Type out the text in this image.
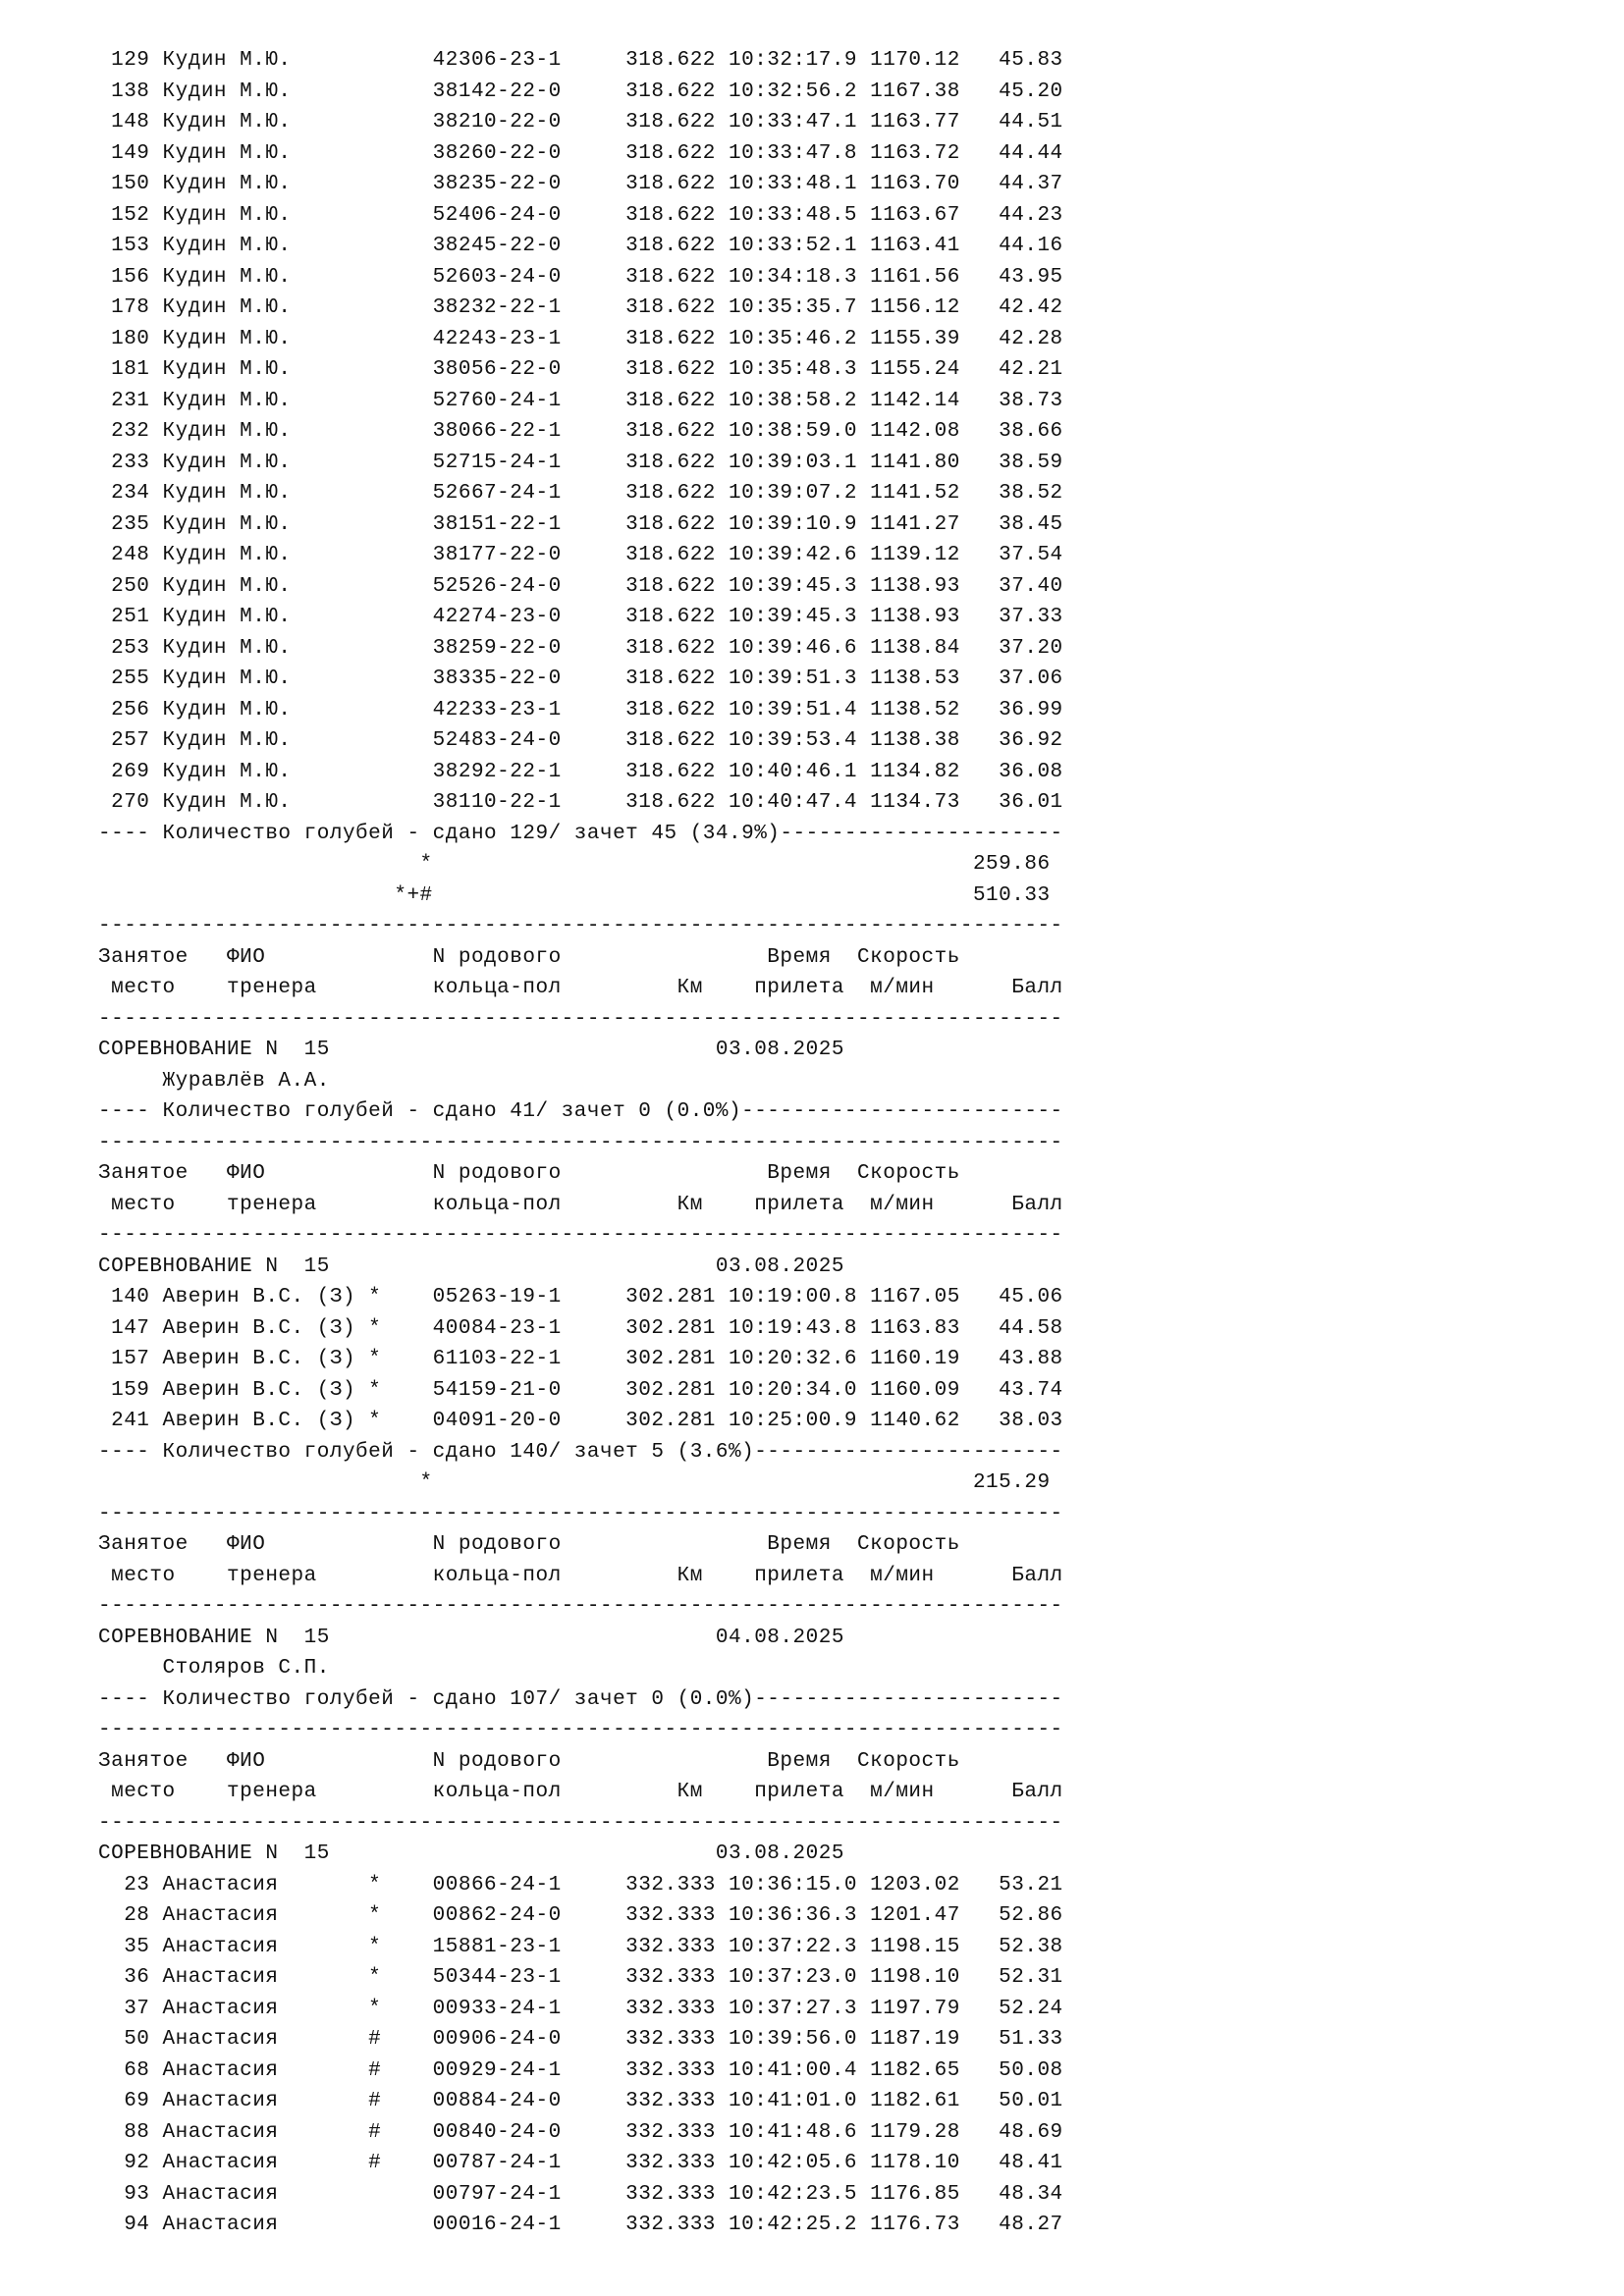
129 Кудин М.Ю.           42306-23-1     318.622 10:32:17.9 1170.12   45.83
138 Кудин М.Ю.           38142-22-0     318.622 10:32:56.2 1167.38   45.20
148 Кудин М.Ю.           38210-22-0     318.622 10:33:47.1 1163.77   44.51
149 Кудин М.Ю.           38260-22-0     318.622 10:33:47.8 1163.72   44.44
150 Кудин М.Ю.           38235-22-0     318.622 10:33:48.1 1163.70   44.37
152 Кудин М.Ю.           52406-24-0     318.622 10:33:48.5 1163.67   44.23
153 Кудин М.Ю.           38245-22-0     318.622 10:33:52.1 1163.41   44.16
156 Кудин М.Ю.           52603-24-0     318.622 10:34:18.3 1161.56   43.95
178 Кудин М.Ю.           38232-22-1     318.622 10:35:35.7 1156.12   42.42
180 Кудин М.Ю.           42243-23-1     318.622 10:35:46.2 1155.39   42.28
181 Кудин М.Ю.           38056-22-0     318.622 10:35:48.3 1155.24   42.21
231 Кудин М.Ю.           52760-24-1     318.622 10:38:58.2 1142.14   38.73
232 Кудин М.Ю.           38066-22-1     318.622 10:38:59.0 1142.08   38.66
233 Кудин М.Ю.           52715-24-1     318.622 10:39:03.1 1141.80   38.59
234 Кудин М.Ю.           52667-24-1     318.622 10:39:07.2 1141.52   38.52
235 Кудин М.Ю.           38151-22-1     318.622 10:39:10.9 1141.27   38.45
248 Кудин М.Ю.           38177-22-0     318.622 10:39:42.6 1139.12   37.54
250 Кудин М.Ю.           52526-24-0     318.622 10:39:45.3 1138.93   37.40
251 Кудин М.Ю.           42274-23-0     318.622 10:39:45.3 1138.93   37.33
253 Кудин М.Ю.           38259-22-0     318.622 10:39:46.6 1138.84   37.20
255 Кудин М.Ю.           38335-22-0     318.622 10:39:51.3 1138.53   37.06
256 Кудин М.Ю.           42233-23-1     318.622 10:39:51.4 1138.52   36.99
257 Кудин М.Ю.           52483-24-0     318.622 10:39:53.4 1138.38   36.92
269 Кудин М.Ю.           38292-22-1     318.622 10:40:46.1 1134.82   36.08
270 Кудин М.Ю.           38110-22-1     318.622 10:40:47.4 1134.73   36.01
---- Количество голубей - сдано 129/ зачет 45 (34.9%)----------------------
*                                          259.86
*+#                                          510.33
---------------------------------------------------------------------------
Занятое   ФИО             N родового                Время  Скорость
место    тренера         кольца-пол         Км    прилета  м/мин      Балл
---------------------------------------------------------------------------
СОРЕВНОВАНИЕ N  15                              03.08.2025
Журавлёв А.А.
---- Количество голубей - сдано 41/ зачет 0 (0.0%)-------------------------
---------------------------------------------------------------------------
Занятое   ФИО             N родового                Время  Скорость
место    тренера         кольца-пол         Км    прилета  м/мин      Балл
---------------------------------------------------------------------------
СОРЕВНОВАНИЕ N  15                              03.08.2025
140 Аверин В.С. (З) *    05263-19-1     302.281 10:19:00.8 1167.05   45.06
147 Аверин В.С. (З) *    40084-23-1     302.281 10:19:43.8 1163.83   44.58
157 Аверин В.С. (З) *    61103-22-1     302.281 10:20:32.6 1160.19   43.88
159 Аверин В.С. (З) *    54159-21-0     302.281 10:20:34.0 1160.09   43.74
241 Аверин В.С. (З) *    04091-20-0     302.281 10:25:00.9 1140.62   38.03
---- Количество голубей - сдано 140/ зачет 5 (3.6%)------------------------
*                                          215.29
---------------------------------------------------------------------------
Занятое   ФИО             N родового                Время  Скорость
место    тренера         кольца-пол         Км    прилета  м/мин      Балл
---------------------------------------------------------------------------
СОРЕВНОВАНИЕ N  15                              04.08.2025
Столяров С.П.
---- Количество голубей - сдано 107/ зачет 0 (0.0%)------------------------
---------------------------------------------------------------------------
Занятое   ФИО             N родового                Время  Скорость
место    тренера         кольца-пол         Км    прилета  м/мин      Балл
---------------------------------------------------------------------------
СОРЕВНОВАНИЕ N  15                              03.08.2025
23 Анастасия       *    00866-24-1     332.333 10:36:15.0 1203.02   53.21
28 Анастасия       *    00862-24-0     332.333 10:36:36.3 1201.47   52.86
35 Анастасия       *    15881-23-1     332.333 10:37:22.3 1198.15   52.38
36 Анастасия       *    50344-23-1     332.333 10:37:23.0 1198.10   52.31
37 Анастасия       *    00933-24-1     332.333 10:37:27.3 1197.79   52.24
50 Анастасия       #    00906-24-0     332.333 10:39:56.0 1187.19   51.33
68 Анастасия       #    00929-24-1     332.333 10:41:00.4 1182.65   50.08
69 Анастасия       #    00884-24-0     332.333 10:41:01.0 1182.61   50.01
88 Анастасия       #    00840-24-0     332.333 10:41:48.6 1179.28   48.69
92 Анастасия       #    00787-24-1     332.333 10:42:05.6 1178.10   48.41
93 Анастасия            00797-24-1     332.333 10:42:23.5 1176.85   48.34
94 Анастасия            00016-24-1     332.333 10:42:25.2 1176.73   48.27
